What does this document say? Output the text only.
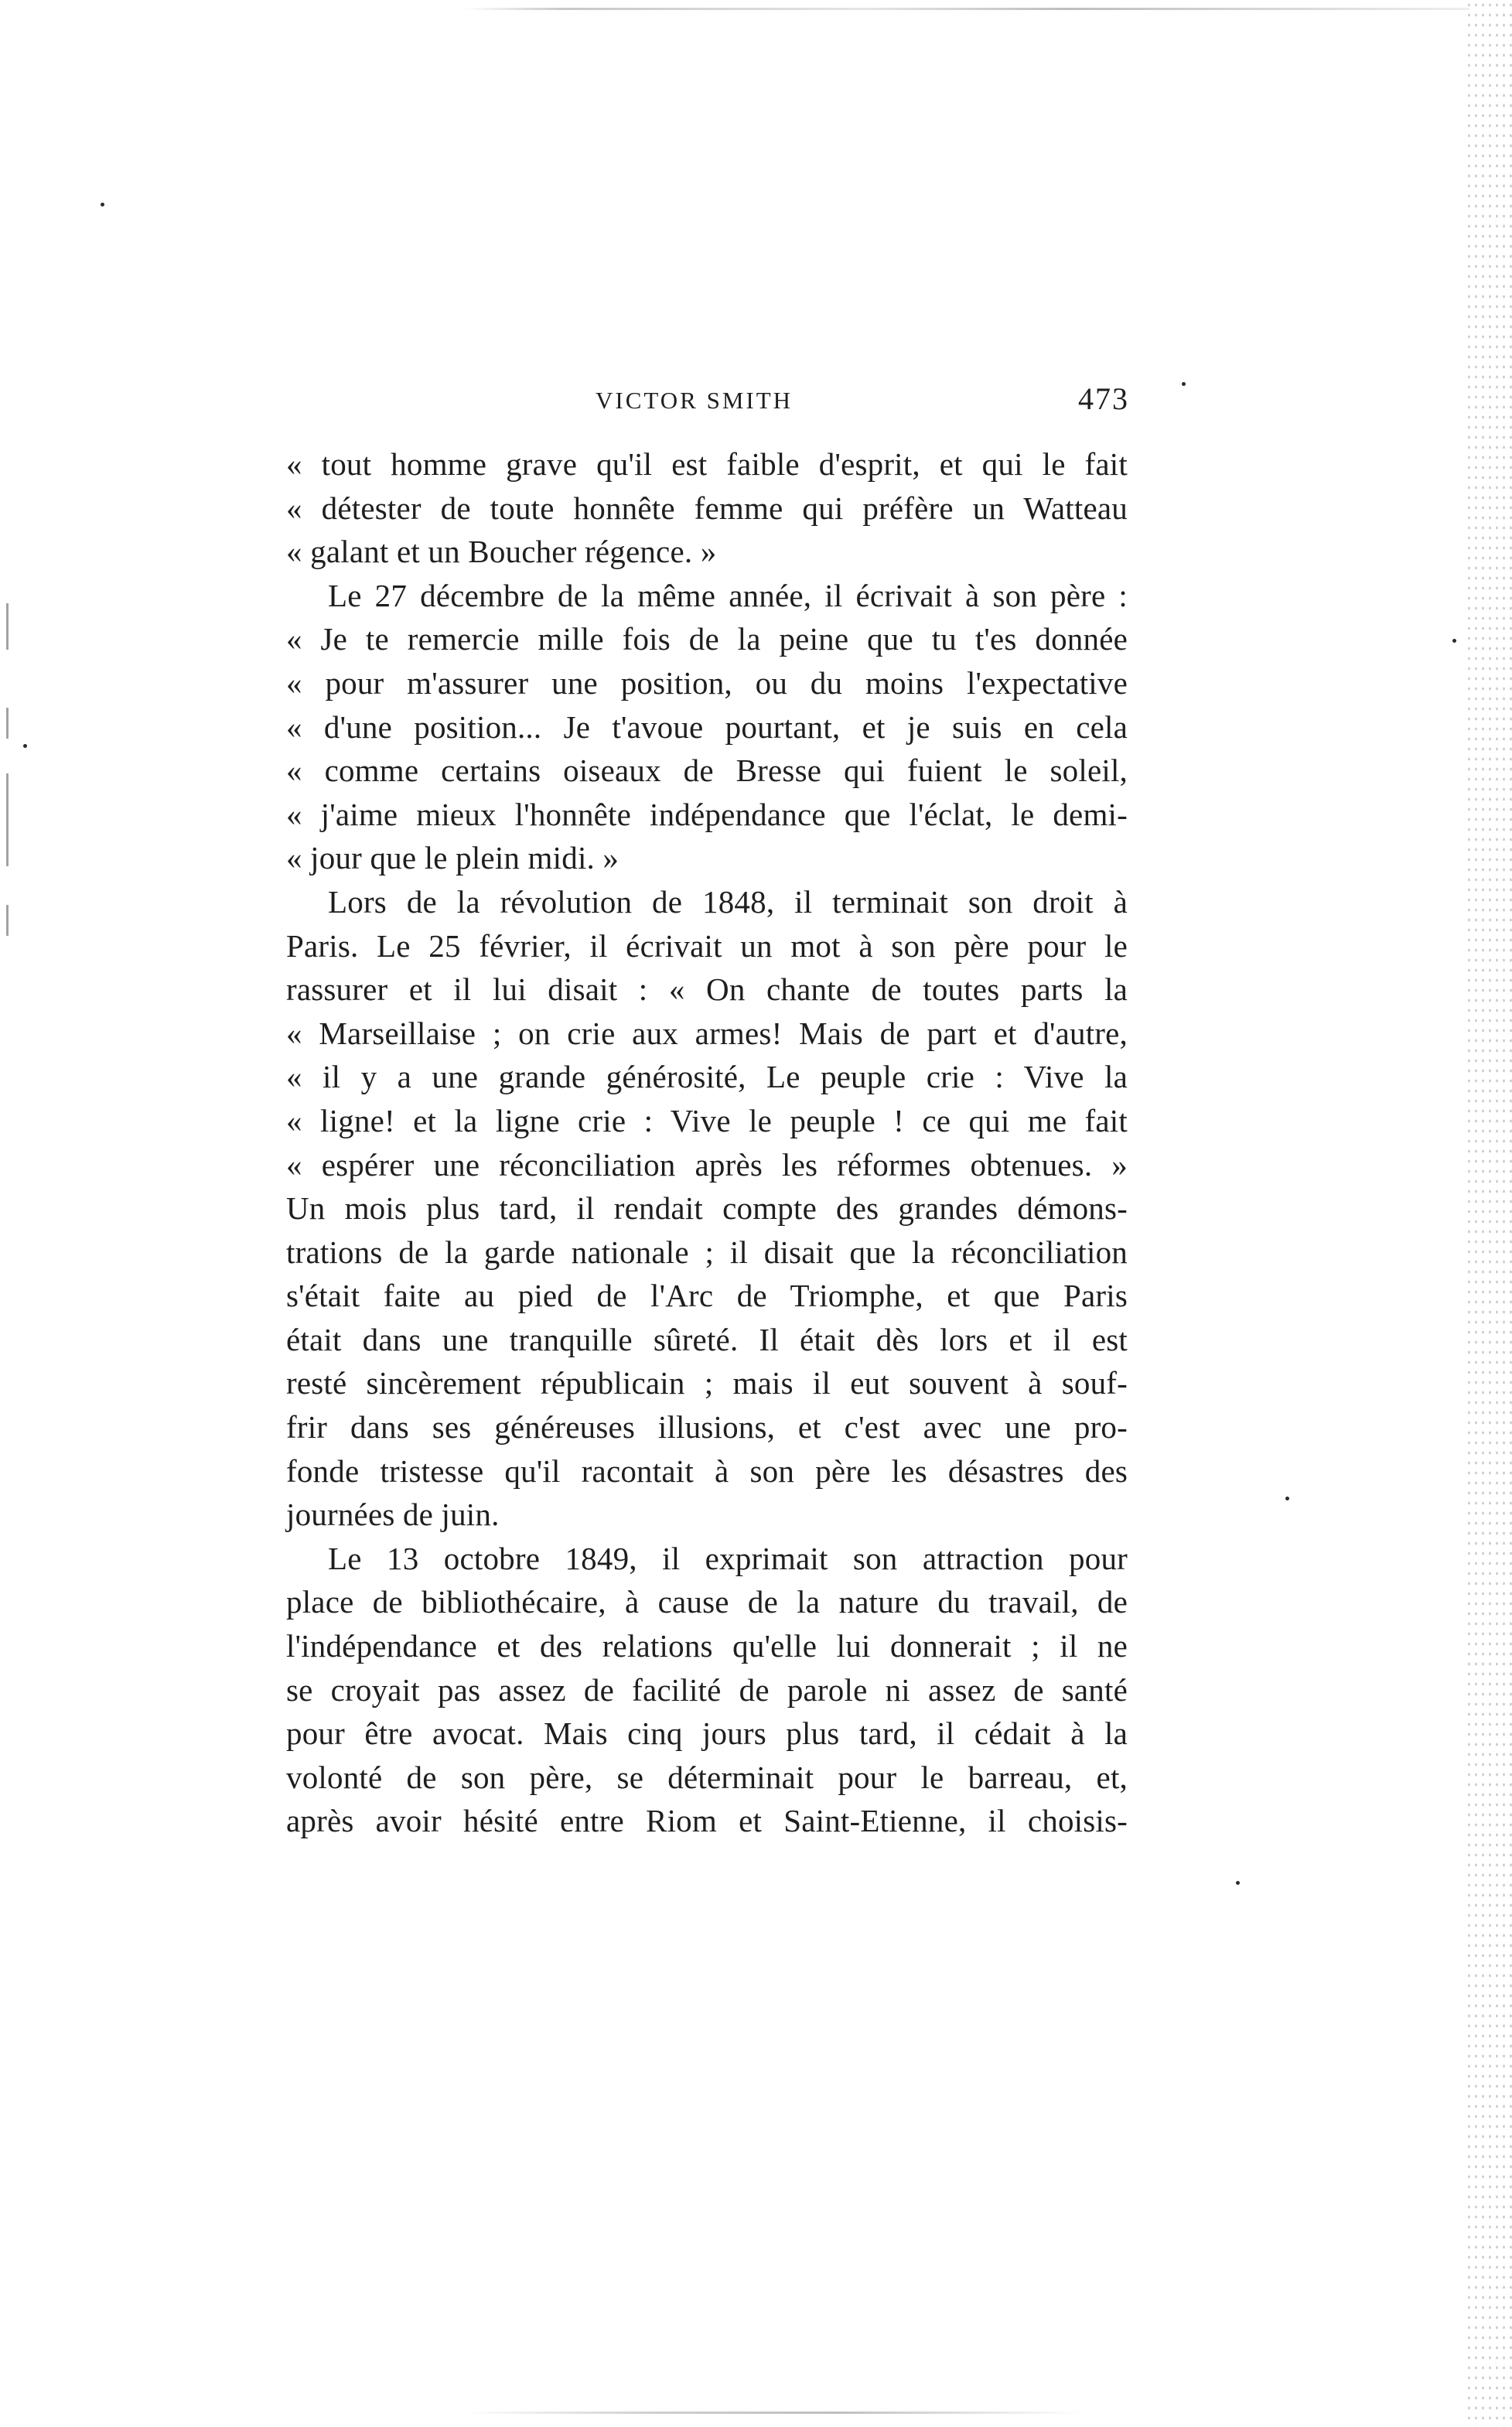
VICTOR SMITH	473
« tout homme grave qu'il est faible d'esprit, et qui le fait
« détester de toute honnête femme qui préfère un Watteau
« galant et un Boucher régence. »
Le 27 décembre de la même année, il écrivait à son père :
« Je te remercie mille fois de la peine que tu t'es donnée
« pour m'assurer une position, ou du moins l'expectative
« d'une position... Je t'avoue pourtant, et je suis en cela
« comme certains oiseaux de Bresse qui fuient le soleil,
« j'aime mieux l'honnête indépendance que l'éclat, le demi-
« jour que le plein midi. »
Lors de la révolution de 1848, il terminait son droit à
Paris. Le 25 février, il écrivait un mot à son père pour le
rassurer et il lui disait : « On chante de toutes parts la
« Marseillaise ; on crie aux armes! Mais de part et d'autre,
« il y a une grande générosité, Le peuple crie : Vive la
« ligne! et la ligne crie : Vive le peuple ! ce qui me fait
« espérer une réconciliation après les réformes obtenues. »
Un mois plus tard, il rendait compte des grandes démons-
trations de la garde nationale ; il disait que la réconciliation
s'était faite au pied de l'Arc de Triomphe, et que Paris
était dans une tranquille sûreté. Il était dès lors et il est
resté sincèrement républicain ; mais il eut souvent à souf-
frir dans ses généreuses illusions, et c'est avec une pro-
fonde tristesse qu'il racontait à son père les désastres des
journées de juin.
Le 13 octobre 1849, il exprimait son attraction pour
place de bibliothécaire, à cause de la nature du travail, de
l'indépendance et des relations qu'elle lui donnerait ; il ne
se croyait pas assez de facilité de parole ni assez de santé
pour être avocat. Mais cinq jours plus tard, il cédait à la
volonté de son père, se déterminait pour le barreau, et,
après avoir hésité entre Riom et Saint-Etienne, il choisis-
